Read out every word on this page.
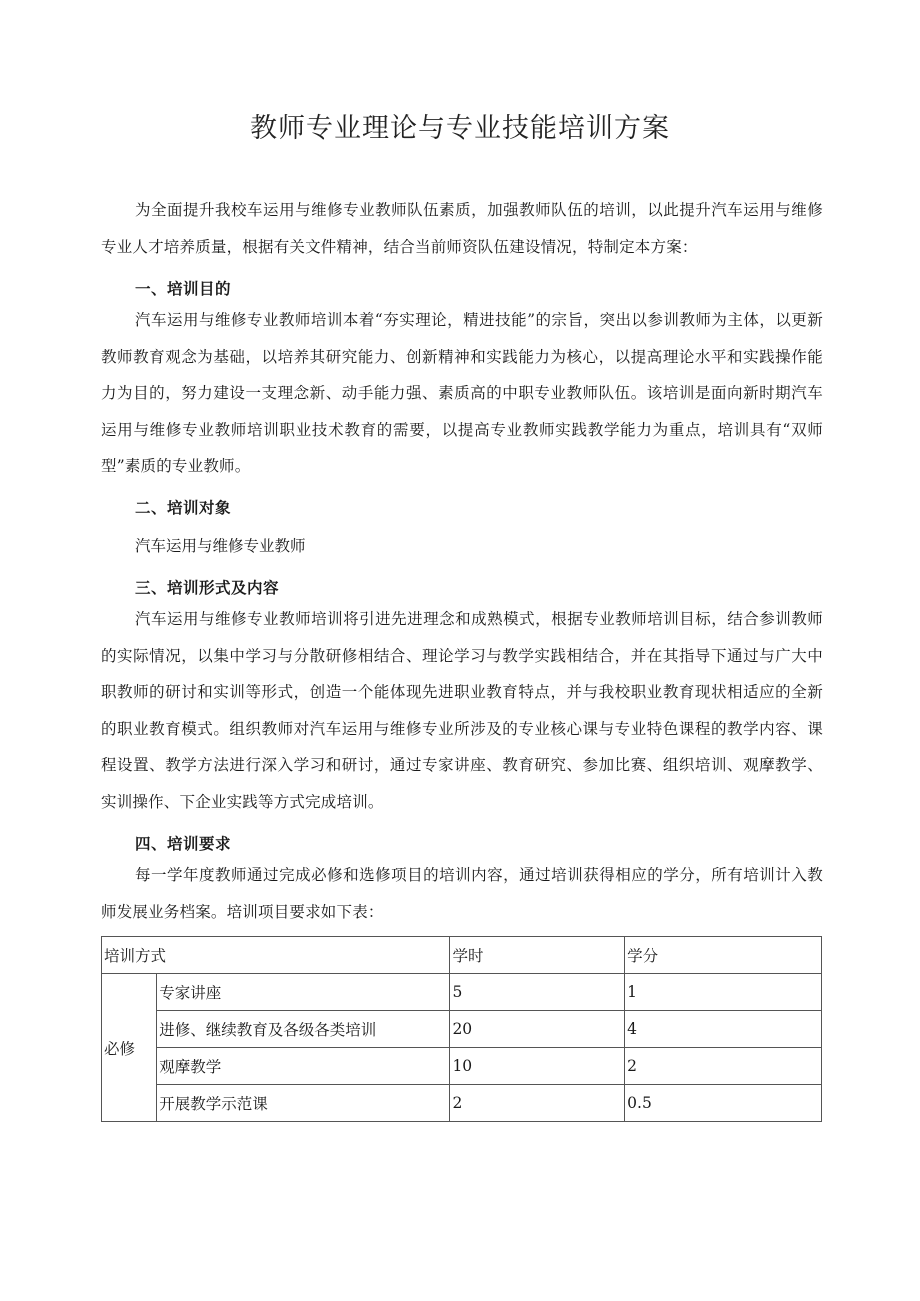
教师专业理论与专业技能培训方案

为全面提升我校车运用与维修专业教师队伍素质，加强教师队伍的培训，以此提升汽车运用与维修专业人才培养质量，根据有关文件精神，结合当前师资队伍建设情况，特制定本方案：

一、培训目的

汽车运用与维修专业教师培训本着“夯实理论，精进技能”的宗旨，突出以参训教师为主体，以更新教师教育观念为基础，以培养其研究能力、创新精神和实践能力为核心，以提高理论水平和实践操作能力为目的，努力建设一支理念新、动手能力强、素质高的中职专业教师队伍。该培训是面向新时期汽车运用与维修专业教师培训职业技术教育的需要，以提高专业教师实践教学能力为重点，培训具有“双师型”素质的专业教师。

二、培训对象
汽车运用与维修专业教师
三、培训形式及内容

汽车运用与维修专业教师培训将引进先进理念和成熟模式，根据专业教师培训目标，结合参训教师的实际情况，以集中学习与分散研修相结合、理论学习与教学实践相结合，并在其指导下通过与广大中职教师的研讨和实训等形式，创造一个能体现先进职业教育特点，并与我校职业教育现状相适应的全新的职业教育模式。组织教师对汽车运用与维修专业所涉及的专业核心课与专业特色课程的教学内容、课程设置、教学方法进行深入学习和研讨，通过专家讲座、教育研究、参加比赛、组织培训、观摩教学、实训操作、下企业实践等方式完成培训。

四、培训要求

每一学年度教师通过完成必修和选修项目的培训内容，通过培训获得相应的学分，所有培训计入教师发展业务档案。培训项目要求如下表：

培训方式		学时	学分
必修	专家讲座	5	1
	进修、继续教育及各级各类培训	20	4
	观摩教学	10	2
	开展教学示范课	2	0.5
